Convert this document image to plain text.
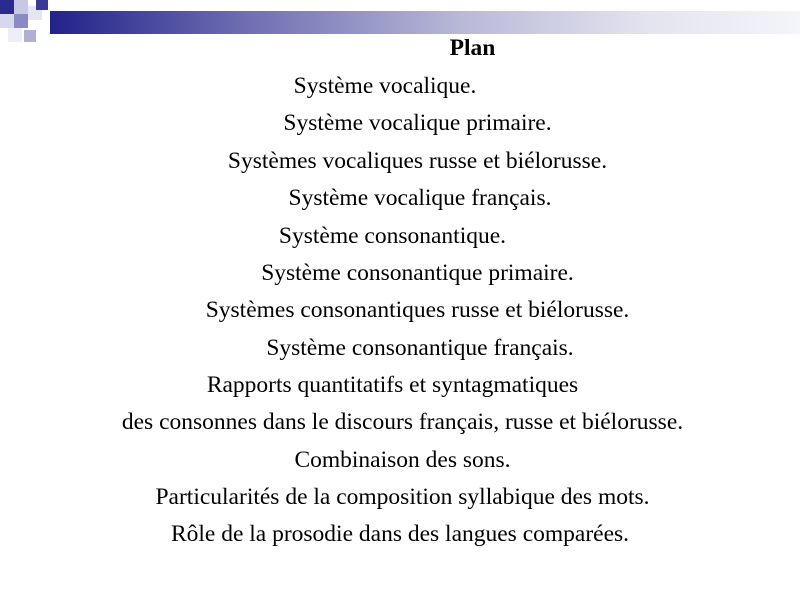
Plan
Système vocalique.
Système vocalique primaire.
Systèmes vocaliques russe et biélorusse.
Système vocalique français.
Système consonantique.
Système consonantique primaire.
Systèmes consonantiques russe et biélorusse.
Système consonantique français.
Rapports quantitatifs et syntagmatiques
des consonnes dans le discours français, russe et biélorusse.
Combinaison des sons.
Particularités de la composition syllabique des mots.
Rôle de la prosodie dans des langues comparées.
